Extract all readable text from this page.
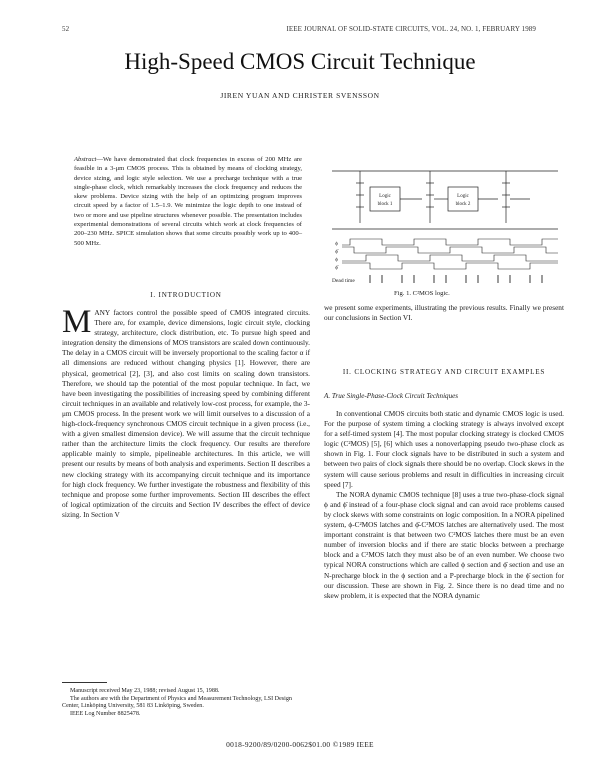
52	IEEE JOURNAL OF SOLID-STATE CIRCUITS, VOL. 24, NO. 1, FEBRUARY 1989
High-Speed CMOS Circuit Technique
JIREN YUAN AND CHRISTER SVENSSON
Abstract—We have demonstrated that clock frequencies in excess of 200 MHz are feasible in a 3-μm CMOS process. This is obtained by means of clocking strategy, device sizing, and logic style selection. We use a precharge technique with a true single-phase clock, which remarkably increases the clock frequency and reduces the skew problems. Device sizing with the help of an optimizing program improves circuit speed by a factor of 1.5–1.9. We minimize the logic depth to one instead of two or more and use pipeline structures whenever possible. The presentation includes experimental demonstrations of several circuits which work at clock frequencies of 200–230 MHz. SPICE simulation shows that some circuits possibly work up to 400–500 MHz.
Logic
block 1
Logic
block 2
ϕ
ϕ̄
ϕ
ϕ̄
Dead time
Fig. 1. C²MOS logic.
I. INTRODUCTION
MANY factors control the possible speed of CMOS integrated circuits. There are, for example, device dimensions, logic circuit style, clocking strategy, architecture, clock distribution, etc. To pursue high speed and integration density the dimensions of MOS transistors are scaled down continuously. The delay in a CMOS circuit will be inversely proportional to the scaling factor α if all dimensions are reduced without changing physics [1]. However, there are physical, geometrical [2], [3], and also cost limits on scaling down transistors. Therefore, we should tap the potential of the most popular technique. In fact, we have been investigating the possibilities of increasing speed by combining different circuit techniques in an available and relatively low-cost process, for example, the 3-μm CMOS process. In the present work we will limit ourselves to a discussion of a high-clock-frequency synchronous CMOS circuit technique in a given process (i.e., with a given smallest dimension device). We will assume that the circuit technique rather than the architecture limits the clock frequency. Our results are therefore applicable mainly to simple, pipelineable architectures. In this article, we will present our results by means of both analysis and experiments. Section II describes a new clocking strategy with its accompanying circuit technique and its importance for high clock frequency. We further investigate the robustness and flexibility of this technique and propose some further improvements. Section III describes the effect of logical optimization of the circuits and Section IV describes the effect of device sizing. In Section V
we present some experiments, illustrating the previous results. Finally we present our conclusions in Section VI.
II. CLOCKING STRATEGY AND CIRCUIT EXAMPLES
A. True Single-Phase-Clock Circuit Techniques

In conventional CMOS circuits both static and dynamic CMOS logic is used. For the purpose of system timing a clocking strategy is always involved except for a self-timed system [4]. The most popular clocking strategy is clocked CMOS logic (C²MOS) [5], [6] which uses a nonoverlapping pseudo two-phase clock as shown in Fig. 1. Four clock signals have to be distributed in such a system and between two pairs of clock signals there should be no overlap. Clock skews in the system will cause serious problems and result in difficulties in increasing circuit speed [7].

The NORA dynamic CMOS technique [8] uses a true two-phase-clock signal ϕ and ϕ̄ instead of a four-phase clock signal and can avoid race problems caused by clock skews with some constraints on logic composition. In a NORA pipelined system, ϕ-C²MOS latches and ϕ̄-C²MOS latches are alternatively used. The most important constraint is that between two C²MOS latches there must be an even number of inversion blocks and if there are static blocks between a precharge block and a C²MOS latch they must also be of an even number. We choose two typical NORA constructions which are called ϕ section and ϕ̄ section and use an N-precharge block in the ϕ section and a P-precharge block in the ϕ̄ section for our discussion. These are shown in Fig. 2. Since there is no dead time and no skew problem, it is expected that the NORA dynamic

Manuscript received May 23, 1988; revised August 15, 1988.

The authors are with the Department of Physics and Measurement Technology, LSI Design Center, Linköping University, 581 83 Linköping, Sweden.

IEEE Log Number 8825478.

0018-9200/89/0200-0062$01.00 ©1989 IEEE
